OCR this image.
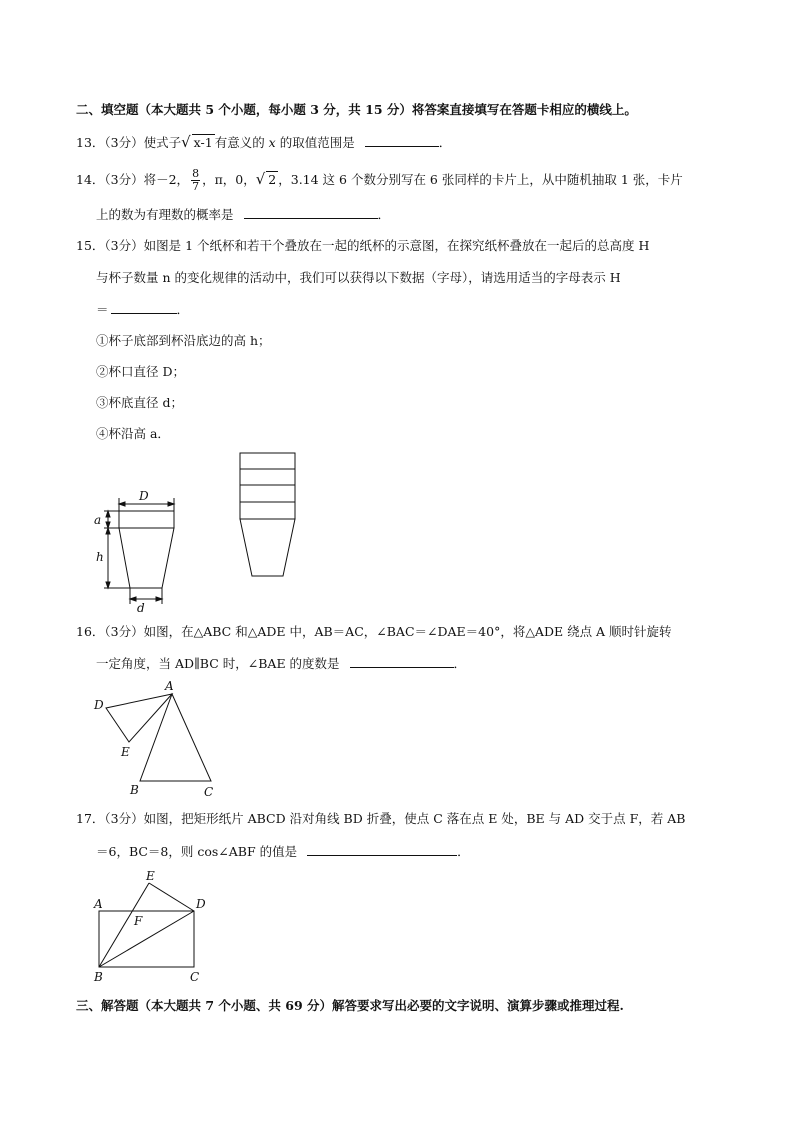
二、填空题（本大题共 5 个小题，每小题 3 分，共 15 分）将答案直接填写在答题卡相应的横线上。
13．（3分）使式子√ x-1 有意义的 x 的取值范围是	．
14．（3分）将－2， $\frac{8}{7}$ ，π，0，√ 2 ，3.14 这 6 个数分别写在 6 张同样的卡片上，从中随机抽取 1 张，卡片
上的数为有理数的概率是	．
15．（3分）如图是 1 个纸杯和若干个叠放在一起的纸杯的示意图，在探究纸杯叠放在一起后的总高度 H
与杯子数量 n 的变化规律的活动中，我们可以获得以下数据（字母），请选用适当的字母表示 H
＝	．
①杯子底部到杯沿底边的高 h；
②杯口直径 D；
③杯底直径 d；
④杯沿高 a．
D
a
h
d
A
D
E
B	C
A
E
D
F
B	C
16．（3分）如图，在△ABC 和△ADE 中，AB＝AC，∠BAC＝∠DAE＝40°，将△ADE 绕点 A 顺时针旋转
一定角度，当 AD∥BC 时，∠BAE 的度数是	．
17．（3分）如图，把矩形纸片 ABCD 沿对角线 BD 折叠，使点 C 落在点 E 处，BE 与 AD 交于点 F，若 AB
＝6，BC＝8，则 cos∠ABF 的值是	．
三、解答题（本大题共 7 个小题、共 69 分）解答要求写出必要的文字说明、演算步骤或推理过程.
